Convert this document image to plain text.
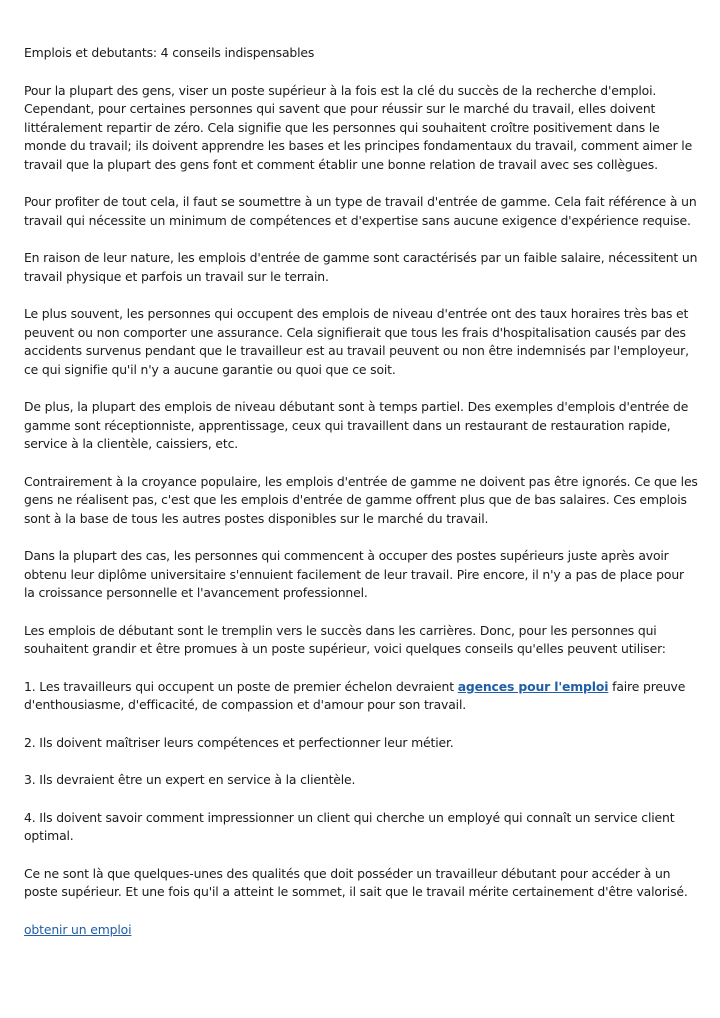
Emplois et debutants: 4 conseils indispensables

Pour la plupart des gens, viser un poste supérieur à la fois est la clé du succès de la recherche d'emploi. Cependant, pour certaines personnes qui savent que pour réussir sur le marché du travail, elles doivent littéralement repartir de zéro. Cela signifie que les personnes qui souhaitent croître positivement dans le monde du travail; ils doivent apprendre les bases et les principes fondamentaux du travail, comment aimer le travail que la plupart des gens font et comment établir une bonne relation de travail avec ses collègues.

Pour profiter de tout cela, il faut se soumettre à un type de travail d'entrée de gamme. Cela fait référence à un travail qui nécessite un minimum de compétences et d'expertise sans aucune exigence d'expérience requise.

En raison de leur nature, les emplois d'entrée de gamme sont caractérisés par un faible salaire, nécessitent un travail physique et parfois un travail sur le terrain.

Le plus souvent, les personnes qui occupent des emplois de niveau d'entrée ont des taux horaires très bas et peuvent ou non comporter une assurance. Cela signifierait que tous les frais d'hospitalisation causés par des accidents survenus pendant que le travailleur est au travail peuvent ou non être indemnisés par l'employeur, ce qui signifie qu'il n'y a aucune garantie ou quoi que ce soit.

De plus, la plupart des emplois de niveau débutant sont à temps partiel. Des exemples d'emplois d'entrée de gamme sont réceptionniste, apprentissage, ceux qui travaillent dans un restaurant de restauration rapide, service à la clientèle, caissiers, etc.

Contrairement à la croyance populaire, les emplois d'entrée de gamme ne doivent pas être ignorés. Ce que les gens ne réalisent pas, c'est que les emplois d'entrée de gamme offrent plus que de bas salaires. Ces emplois sont à la base de tous les autres postes disponibles sur le marché du travail.

Dans la plupart des cas, les personnes qui commencent à occuper des postes supérieurs juste après avoir obtenu leur diplôme universitaire s'ennuient facilement de leur travail. Pire encore, il n'y a pas de place pour la croissance personnelle et l'avancement professionnel.

Les emplois de débutant sont le tremplin vers le succès dans les carrières. Donc, pour les personnes qui souhaitent grandir et être promues à un poste supérieur, voici quelques conseils qu'elles peuvent utiliser:

1. Les travailleurs qui occupent un poste de premier échelon devraient agences pour l'emploi faire preuve d'enthousiasme, d'efficacité, de compassion et d'amour pour son travail.

2. Ils doivent maîtriser leurs compétences et perfectionner leur métier.

3. Ils devraient être un expert en service à la clientèle.

4. Ils doivent savoir comment impressionner un client qui cherche un employé qui connaît un service client optimal.

Ce ne sont là que quelques-unes des qualités que doit posséder un travailleur débutant pour accéder à un poste supérieur. Et une fois qu'il a atteint le sommet, il sait que le travail mérite certainement d'être valorisé.

obtenir un emploi
